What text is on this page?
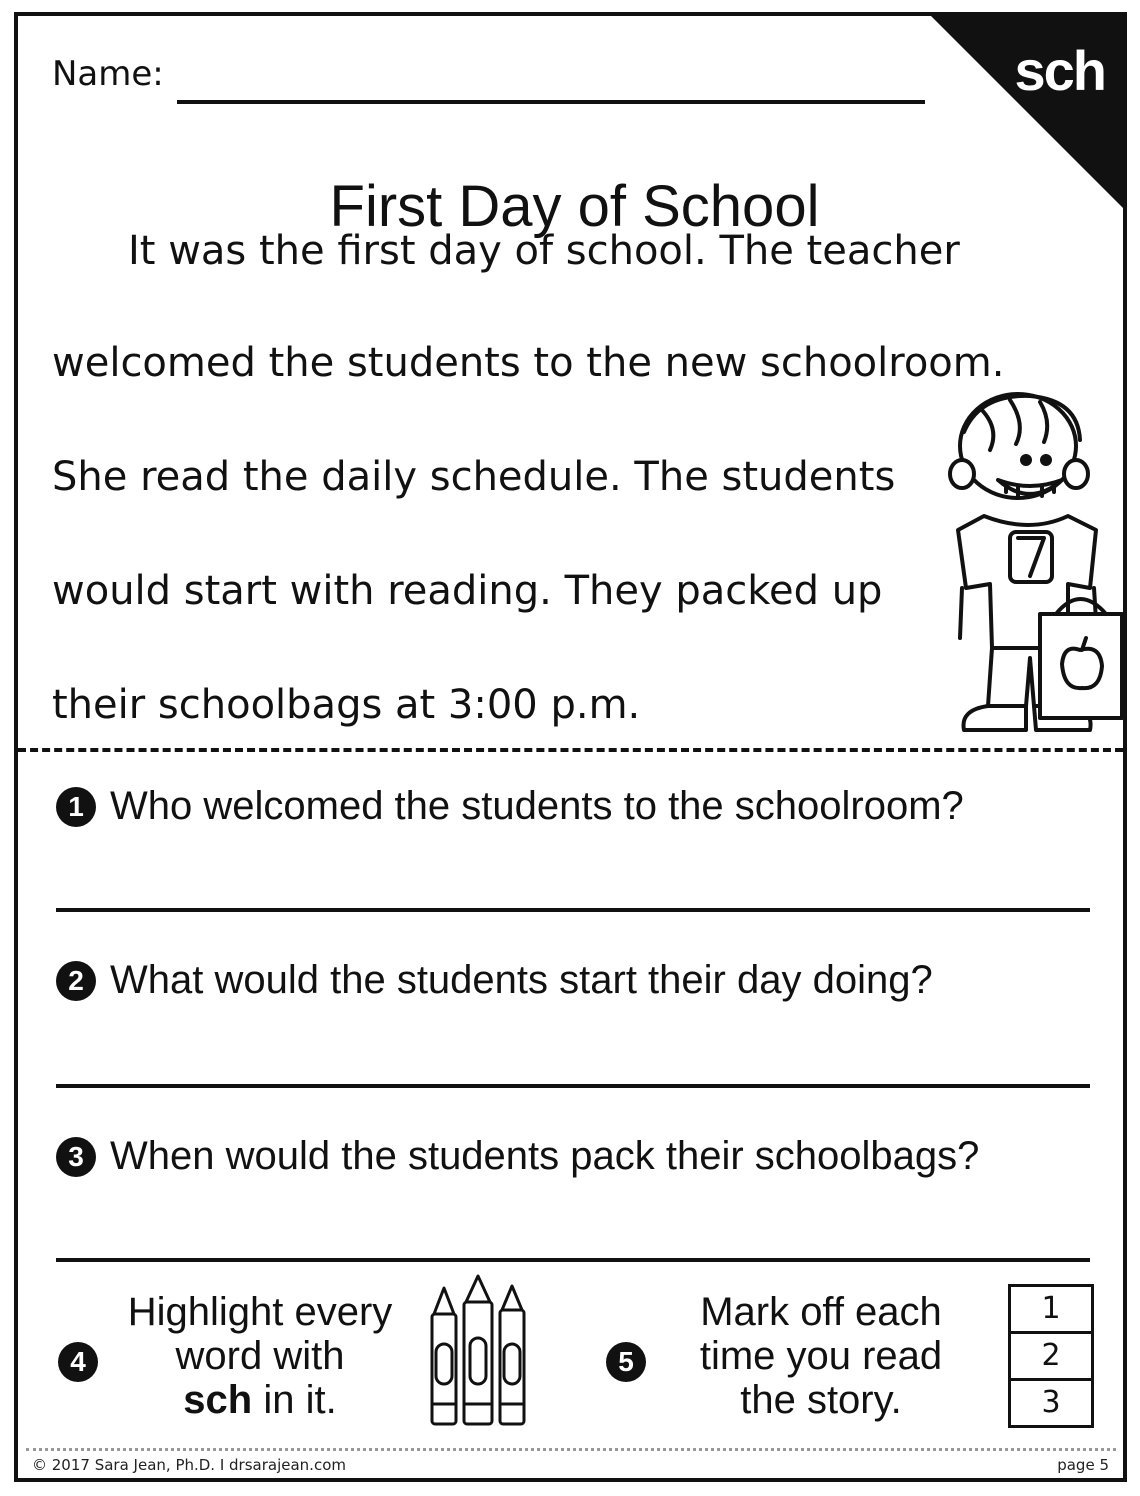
sch
Name:
First Day of School

It was the first day of school. The teacher

welcomed the students to the new schoolroom.

She read the daily schedule. The students

would start with reading. They packed up

their schoolbags at 3:00 p.m.

1 Who welcomed the students to the schoolroom?
2 What would the students start their day doing?
3 When would the students pack their schoolbags?
4
Highlight every
word with
sch in it.
5
Mark off each
time you read
the story.
1
2
3
© 2017 Sara Jean, Ph.D. I drsarajean.com	page 5
